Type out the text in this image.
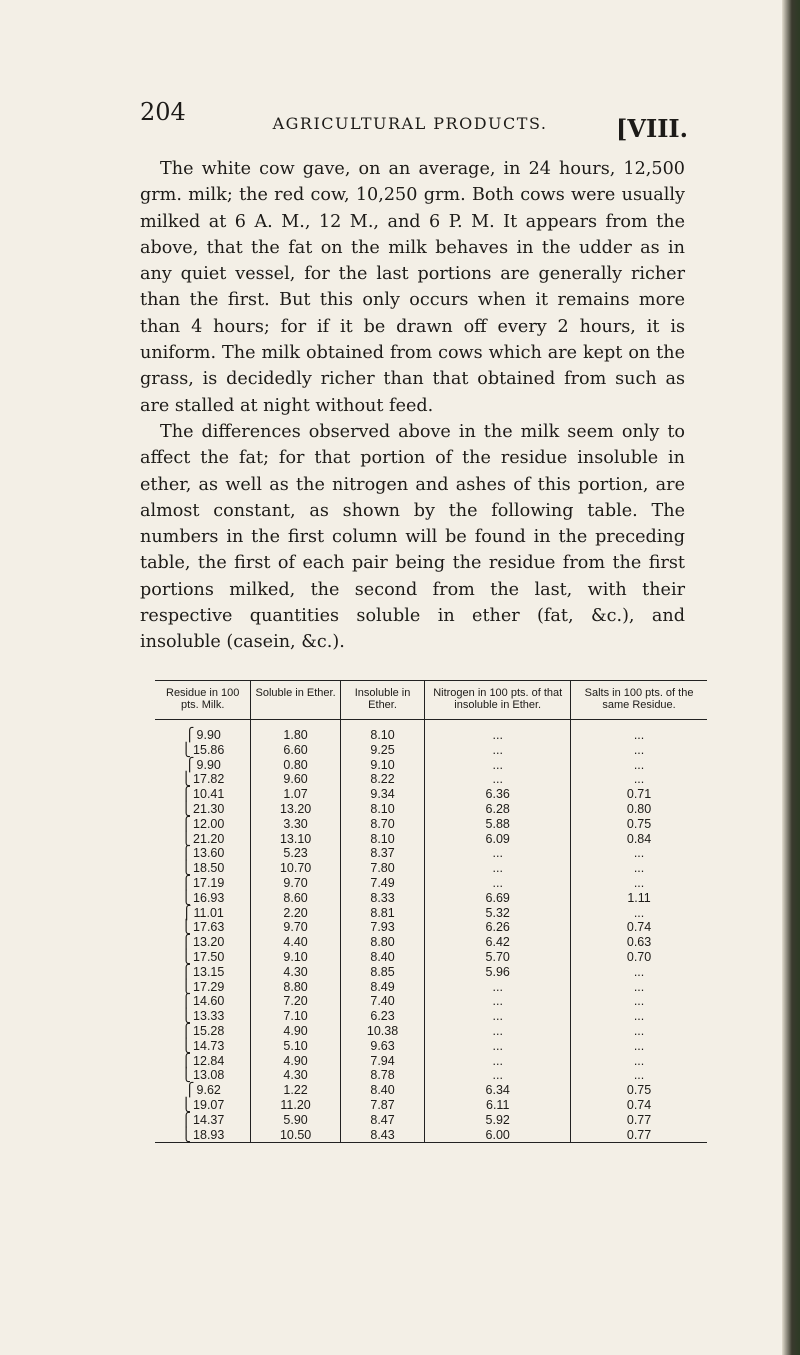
204	AGRICULTURAL PRODUCTS.	[VIII.

The white cow gave, on an average, in 24 hours, 12,500 grm. milk; the red cow, 10,250 grm. Both cows were usually milked at 6 A. M., 12 M., and 6 P. M. It appears from the above, that the fat on the milk behaves in the udder as in any quiet vessel, for the last portions are generally richer than the first. But this only occurs when it remains more than 4 hours; for if it be drawn off every 2 hours, it is uniform. The milk obtained from cows which are kept on the grass, is decidedly richer than that obtained from such as are stalled at night without feed.

The differences observed above in the milk seem only to affect the fat; for that portion of the residue insoluble in ether, as well as the nitrogen and ashes of this portion, are almost constant, as shown by the following table. The numbers in the first column will be found in the preceding table, the first of each pair being the residue from the first portions milked, the second from the last, with their respective quantities soluble in ether (fat, &c.), and insoluble (casein, &c.).

Residue in 100 pts. Milk.	Soluble in Ether.	Insoluble in Ether.	Nitrogen in 100 pts. of that insoluble in Ether.	Salts in 100 pts. of the same Residue.
⎧ 9.90	1.80	8.10	...	...
⎩ 15.86	6.60	9.25	...	...
⎧ 9.90	0.80	9.10	...	...
⎩ 17.82	9.60	8.22	...	...
⎧ 10.41	1.07	9.34	6.36	0.71
⎩ 21.30	13.20	8.10	6.28	0.80
⎧ 12.00	3.30	8.70	5.88	0.75
⎩ 21.20	13.10	8.10	6.09	0.84
⎧ 13.60	5.23	8.37	...	...
⎩ 18.50	10.70	7.80	...	...
⎧ 17.19	9.70	7.49	...	...
⎩ 16.93	8.60	8.33	6.69	1.11
⎧ 11.01	2.20	8.81	5.32	...
⎩ 17.63	9.70	7.93	6.26	0.74
⎧ 13.20	4.40	8.80	6.42	0.63
⎩ 17.50	9.10	8.40	5.70	0.70
⎧ 13.15	4.30	8.85	5.96	...
⎩ 17.29	8.80	8.49	...	...
⎧ 14.60	7.20	7.40	...	...
⎩ 13.33	7.10	6.23	...	...
⎧ 15.28	4.90	10.38	...	...
⎩ 14.73	5.10	9.63	...	...
⎧ 12.84	4.90	7.94	...	...
⎩ 13.08	4.30	8.78	...	...
⎧ 9.62	1.22	8.40	6.34	0.75
⎩ 19.07	11.20	7.87	6.11	0.74
⎧ 14.37	5.90	8.47	5.92	0.77
⎩ 18.93	10.50	8.43	6.00	0.77
